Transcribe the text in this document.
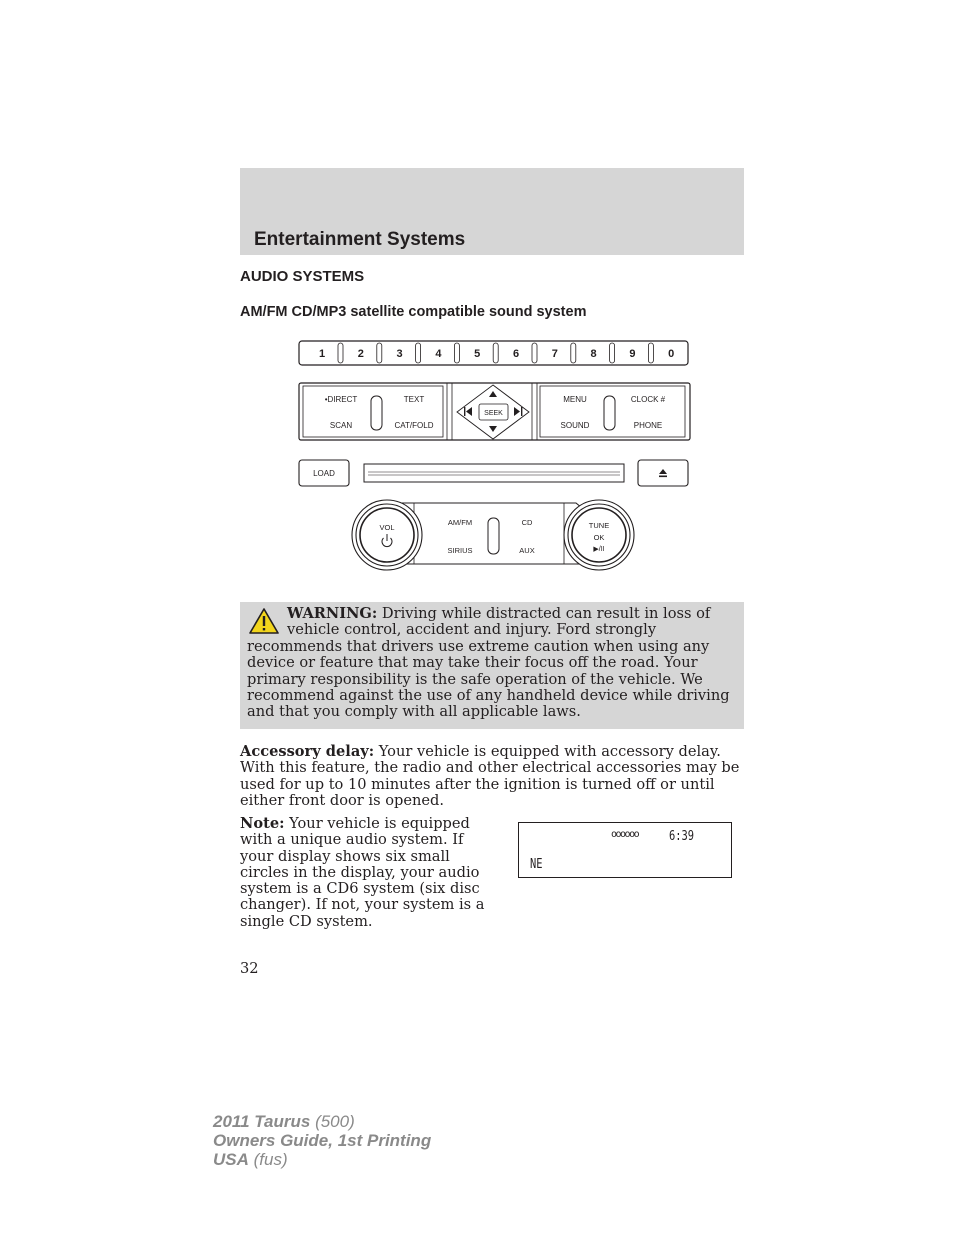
Entertainment Systems
AUDIO SYSTEMS
AM/FM CD/MP3 satellite compatible sound system
1	2	3	4	5	6	7	8	9	0
•DIRECT	TEXT
SCAN	CAT/FOLD
MENU	CLOCK #
SOUND	PHONE
SEEK
LOAD
AM/FM	CD
SIRIUS	AUX
VOL	TUNE
OK
▶/II

WARNING: Driving while distracted can result in loss of vehicle control, accident and injury. Ford strongly recommends that drivers use extreme caution when using any device or feature that may take their focus off the road. Your primary responsibility is the safe operation of the vehicle. We recommend against the use of any handheld device while driving and that you comply with all applicable laws.

Accessory delay: Your vehicle is equipped with accessory delay. With this feature, the radio and other electrical accessories may be used for up to 10 minutes after the ignition is turned off or until either front door is opened.

Note: Your vehicle is equipped with a unique audio system. If your display shows six small circles in the display, your audio system is a CD6 system (six disc changer). If not, your system is a single CD system.

oooooo 6:39
NE
32
2011 Taurus (500)
Owners Guide, 1st Printing
USA (fus)
